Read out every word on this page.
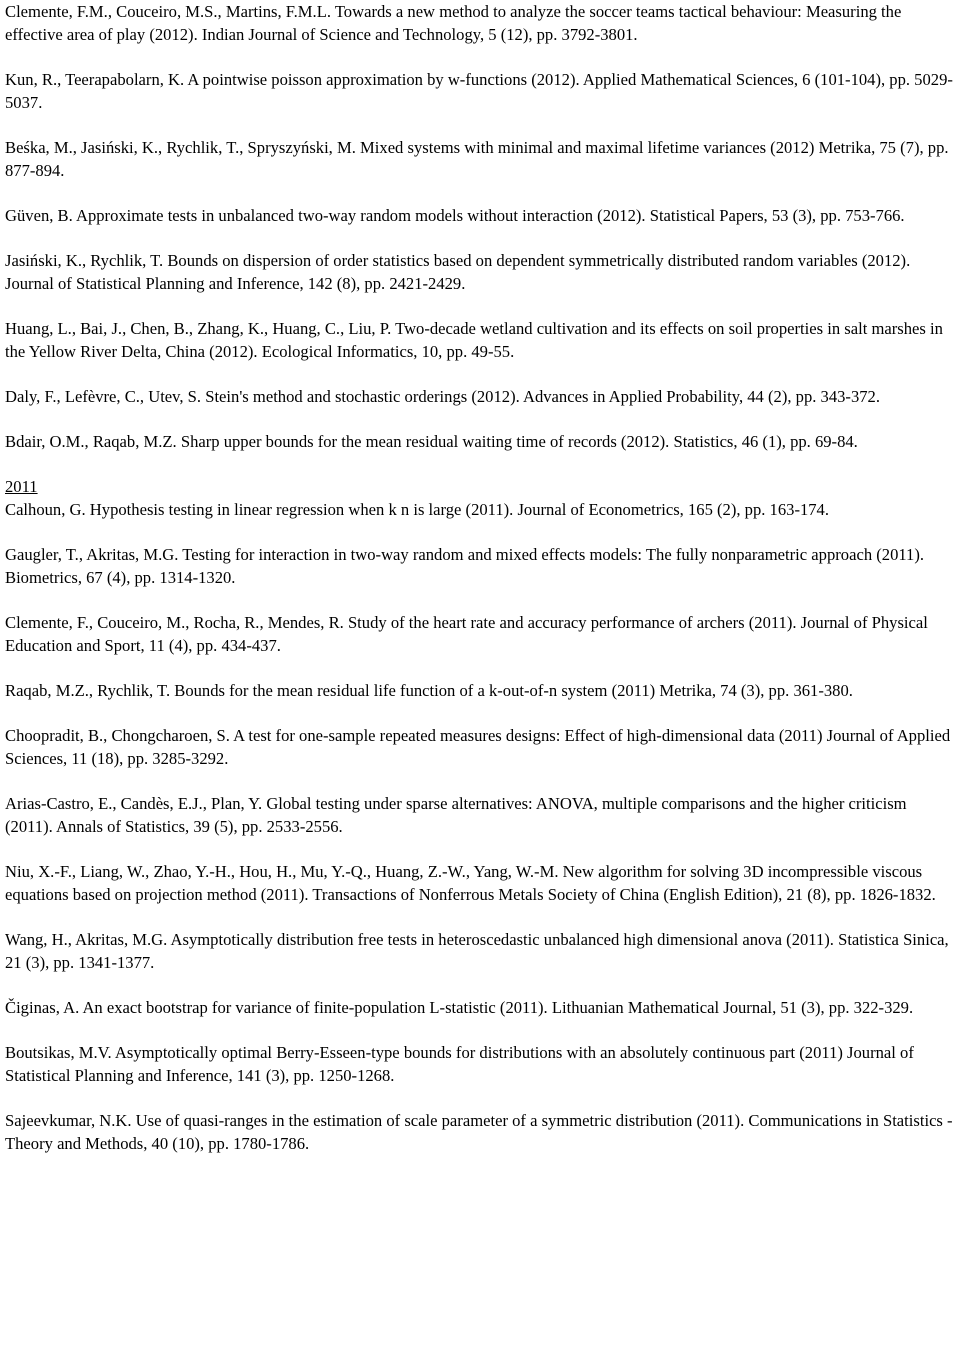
Clemente, F.M., Couceiro, M.S., Martins, F.M.L. Towards a new method to analyze the soccer teams tactical behaviour: Measuring the effective area of play (2012). Indian Journal of Science and Technology, 5 (12), pp. 3792-3801.
Kun, R., Teerapabolarn, K. A pointwise poisson approximation by w-functions (2012). Applied Mathematical Sciences, 6 (101-104), pp. 5029-5037.
Beśka, M., Jasiński, K., Rychlik, T., Spryszyński, M. Mixed systems with minimal and maximal lifetime variances (2012) Metrika, 75 (7), pp. 877-894.
Güven, B. Approximate tests in unbalanced two-way random models without interaction (2012). Statistical Papers, 53 (3), pp. 753-766.
Jasiński, K., Rychlik, T. Bounds on dispersion of order statistics based on dependent symmetrically distributed random variables (2012). Journal of Statistical Planning and Inference, 142 (8), pp. 2421-2429.
Huang, L., Bai, J., Chen, B., Zhang, K., Huang, C., Liu, P. Two-decade wetland cultivation and its effects on soil properties in salt marshes in the Yellow River Delta, China (2012). Ecological Informatics, 10, pp. 49-55.
Daly, F., Lefèvre, C., Utev, S. Stein's method and stochastic orderings (2012). Advances in Applied Probability, 44 (2), pp. 343-372.
Bdair, O.M., Raqab, M.Z. Sharp upper bounds for the mean residual waiting time of records (2012). Statistics, 46 (1), pp. 69-84.
2011
Calhoun, G. Hypothesis testing in linear regression when k n is large (2011). Journal of Econometrics, 165 (2), pp. 163-174.
Gaugler, T., Akritas, M.G. Testing for interaction in two-way random and mixed effects models: The fully nonparametric approach (2011). Biometrics, 67 (4), pp. 1314-1320.
Clemente, F., Couceiro, M., Rocha, R., Mendes, R. Study of the heart rate and accuracy performance of archers (2011). Journal of Physical Education and Sport, 11 (4), pp. 434-437.
Raqab, M.Z., Rychlik, T. Bounds for the mean residual life function of a k-out-of-n system (2011) Metrika, 74 (3), pp. 361-380.
Choopradit, B., Chongcharoen, S. A test for one-sample repeated measures designs: Effect of high-dimensional data (2011) Journal of Applied Sciences, 11 (18), pp. 3285-3292.
Arias-Castro, E., Candès, E.J., Plan, Y. Global testing under sparse alternatives: ANOVA, multiple comparisons and the higher criticism (2011). Annals of Statistics, 39 (5), pp. 2533-2556.
Niu, X.-F., Liang, W., Zhao, Y.-H., Hou, H., Mu, Y.-Q., Huang, Z.-W., Yang, W.-M. New algorithm for solving 3D incompressible viscous equations based on projection method (2011). Transactions of Nonferrous Metals Society of China (English Edition), 21 (8), pp. 1826-1832.
Wang, H., Akritas, M.G. Asymptotically distribution free tests in heteroscedastic unbalanced high dimensional anova (2011). Statistica Sinica, 21 (3), pp. 1341-1377.
Čiginas, A. An exact bootstrap for variance of finite-population L-statistic (2011). Lithuanian Mathematical Journal, 51 (3), pp. 322-329.
Boutsikas, M.V. Asymptotically optimal Berry-Esseen-type bounds for distributions with an absolutely continuous part (2011) Journal of Statistical Planning and Inference, 141 (3), pp. 1250-1268.
Sajeevkumar, N.K. Use of quasi-ranges in the estimation of scale parameter of a symmetric distribution (2011). Communications in Statistics - Theory and Methods, 40 (10), pp. 1780-1786.
